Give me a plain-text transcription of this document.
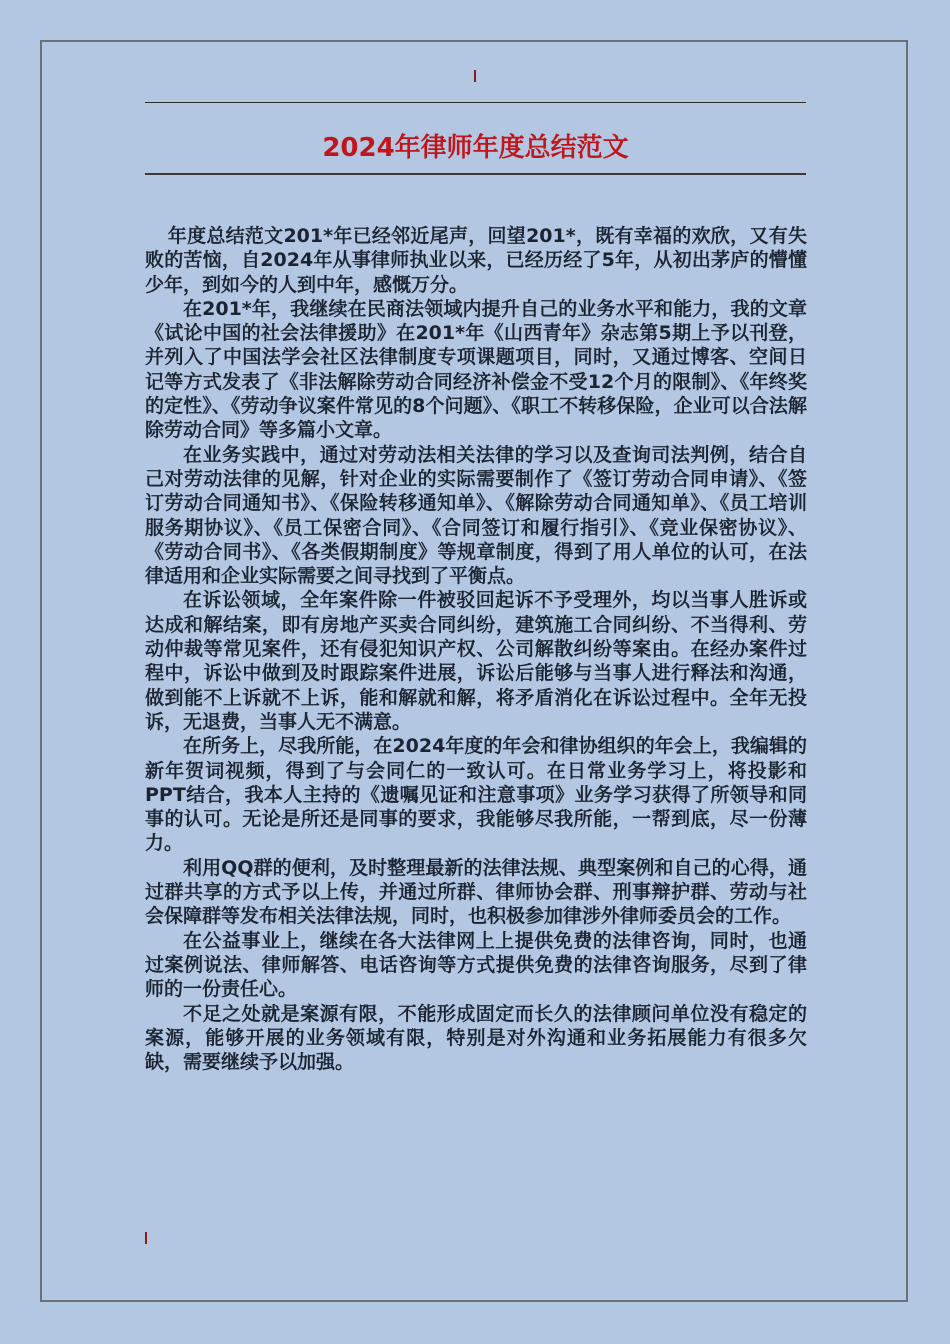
2024年律师年度总结范文

年度总结范文201*年已经邻近尾声，回望201*，既有幸福的欢欣，又有失败的苦恼，自2024年从事律师执业以来，已经历经了5年，从初出茅庐的懵懂少年，到如今的人到中年，感慨万分。

在201*年，我继续在民商法领域内提升自己的业务水平和能力，我的文章《试论中国的社会法律援助》在201*年《山西青年》杂志第5期上予以刊登，并列入了中国法学会社区法律制度专项课题项目，同时，又通过博客、空间日记等方式发表了《非法解除劳动合同经济补偿金不受12个月的限制》、《年终奖的定性》、《劳动争议案件常见的8个问题》、《职工不转移保险，企业可以合法解除劳动合同》等多篇小文章。

在业务实践中，通过对劳动法相关法律的学习以及查询司法判例，结合自己对劳动法律的见解，针对企业的实际需要制作了《签订劳动合同申请》、《签订劳动合同通知书》、《保险转移通知单》、《解除劳动合同通知单》、《员工培训服务期协议》、《员工保密合同》、《合同签订和履行指引》、《竞业保密协议》、《劳动合同书》、《各类假期制度》等规章制度，得到了用人单位的认可，在法律适用和企业实际需要之间寻找到了平衡点。

在诉讼领域，全年案件除一件被驳回起诉不予受理外，均以当事人胜诉或达成和解结案，即有房地产买卖合同纠纷，建筑施工合同纠纷、不当得利、劳动仲裁等常见案件，还有侵犯知识产权、公司解散纠纷等案由。在经办案件过程中，诉讼中做到及时跟踪案件进展，诉讼后能够与当事人进行释法和沟通，做到能不上诉就不上诉，能和解就和解，将矛盾消化在诉讼过程中。全年无投诉，无退费，当事人无不满意。

在所务上，尽我所能，在2024年度的年会和律协组织的年会上，我编辑的新年贺词视频，得到了与会同仁的一致认可。在日常业务学习上，将投影和PPT结合，我本人主持的《遗嘱见证和注意事项》业务学习获得了所领导和同事的认可。无论是所还是同事的要求，我能够尽我所能，一帮到底，尽一份薄力。

利用QQ群的便利，及时整理最新的法律法规、典型案例和自己的心得，通过群共享的方式予以上传，并通过所群、律师协会群、刑事辩护群、劳动与社会保障群等发布相关法律法规，同时，也积极参加律涉外律师委员会的工作。

在公益事业上，继续在各大法律网上上提供免费的法律咨询，同时，也通过案例说法、律师解答、电话咨询等方式提供免费的法律咨询服务，尽到了律师的一份责任心。

不足之处就是案源有限，不能形成固定而长久的法律顾问单位没有稳定的案源，能够开展的业务领域有限，特别是对外沟通和业务拓展能力有很多欠缺，需要继续予以加强。
